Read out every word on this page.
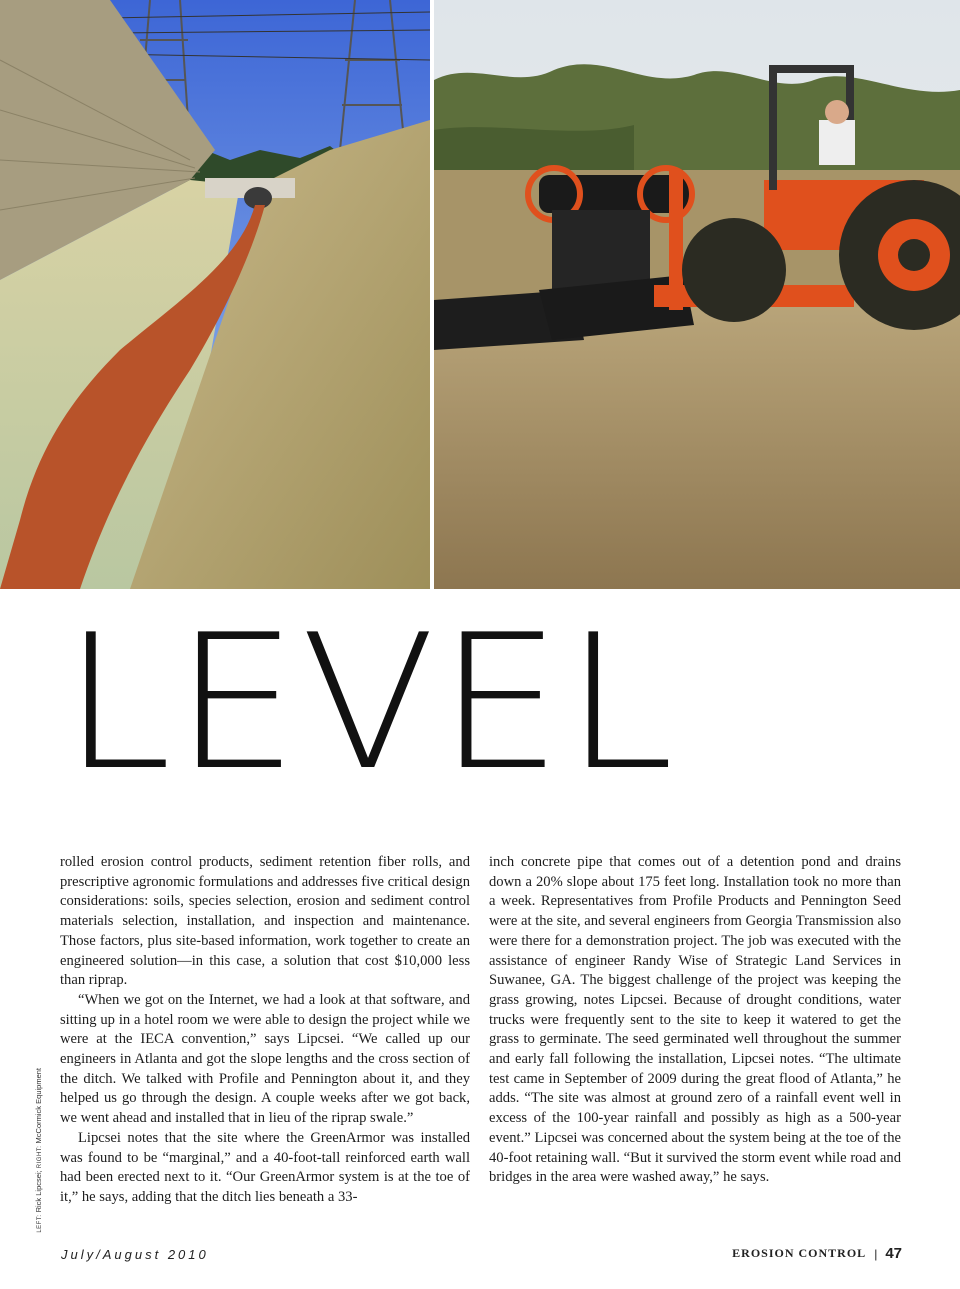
LEVEL
LEFT: Rick Lipcsei; RIGHT: McCormick Equipment

rolled erosion control products, sediment retention fiber rolls, and prescriptive agronomic formulations and addresses five critical design considerations: soils, species selection, erosion and sediment control materials selection, installation, and inspection and maintenance. Those factors, plus site-based information, work together to create an engineered solution—in this case, a solution that cost $10,000 less than riprap.

“When we got on the Internet, we had a look at that software, and sitting up in a hotel room we were able to design the project while we were at the IECA convention,” says Lipcsei. “We called up our engineers in Atlanta and got the slope lengths and the cross section of the ditch. We talked with Profile and Pennington about it, and they helped us go through the design. A couple weeks after we got back, we went ahead and installed that in lieu of the riprap swale.”

Lipcsei notes that the site where the GreenArmor was installed was found to be “marginal,” and a 40-foot-tall reinforced earth wall had been erected next to it. “Our GreenArmor system is at the toe of it,” he says, adding that the ditch lies beneath a 33-

inch concrete pipe that comes out of a detention pond and drains down a 20% slope about 175 feet long. Installation took no more than a week. Representatives from Profile Products and Pennington Seed were at the site, and several engineers from Georgia Transmission also were there for a demonstration project. The job was executed with the assistance of engineer Randy Wise of Strategic Land Services in Suwanee, GA. The biggest challenge of the project was keeping the grass growing, notes Lipcsei. Because of drought conditions, water trucks were frequently sent to the site to keep it watered to get the grass to germinate. The seed germinated well throughout the summer and early fall following the installation, Lipcsei notes. “The ultimate test came in September of 2009 during the great flood of Atlanta,” he adds. “The site was almost at ground zero of a rainfall event well in excess of the 100-year rainfall and possibly as high as a 500-year event.” Lipcsei was concerned about the system being at the toe of the 40-foot retaining wall. “But it survived the storm event while road and bridges in the area were washed away,” he says.

July/August 2010	EROSION CONTROL | 47
